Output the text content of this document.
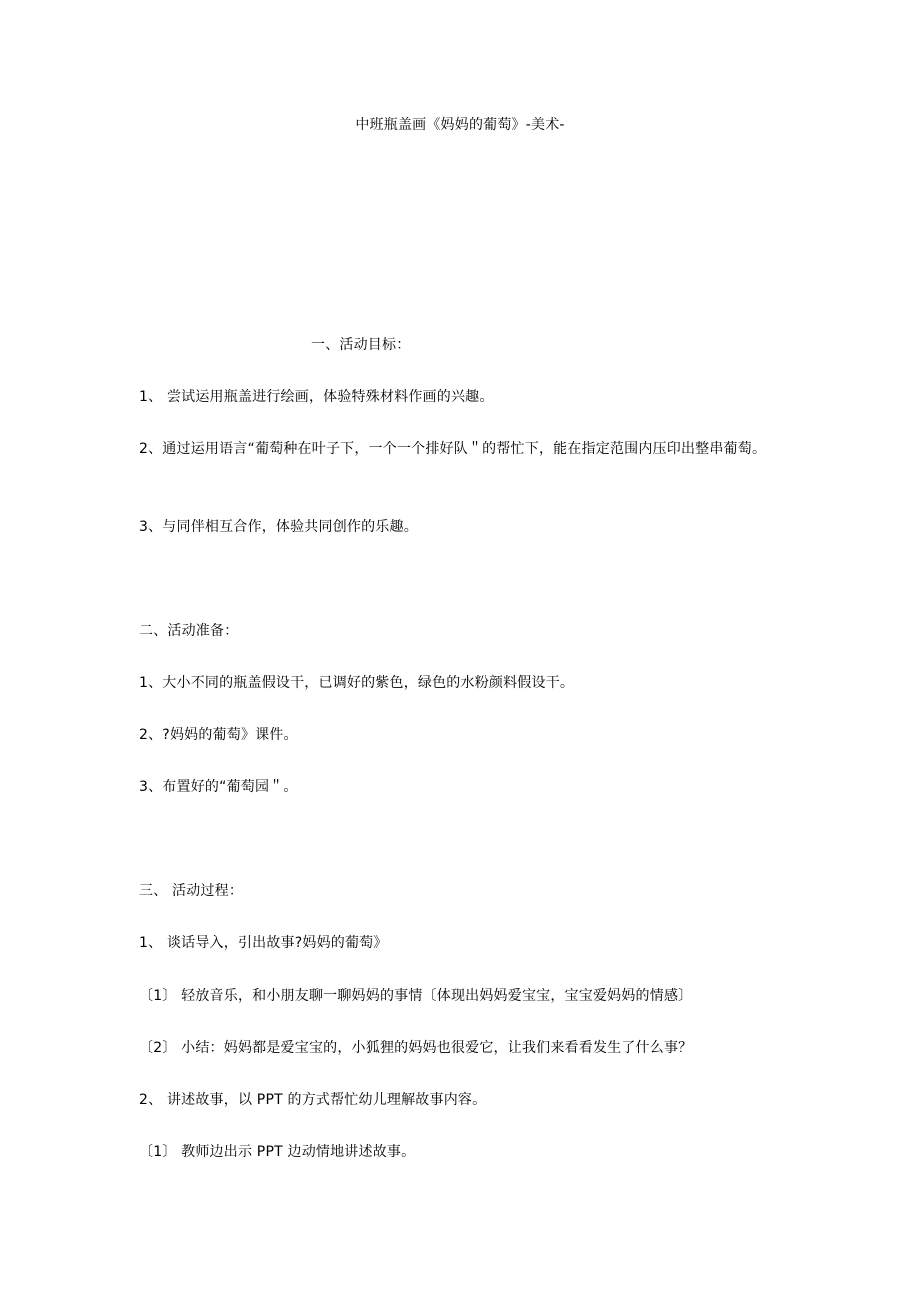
中班瓶盖画《妈妈的葡萄》-美术-
一、活动目标：
1、 尝试运用瓶盖进行绘画，体验特殊材料作画的兴趣。
2、通过运用语言“葡萄种在叶子下，一个一个排好队＂的帮忙下，能在指定范围内压印出整串葡萄。
3、与同伴相互合作，体验共同创作的乐趣。
二、活动准备：
1、大小不同的瓶盖假设干，已调好的紫色，绿色的水粉颜料假设干。
2、?妈妈的葡萄》课件。
3、布置好的“葡萄园＂。
三、 活动过程：
1、 谈话导入，引出故事?妈妈的葡萄》
〔1〕 轻放音乐，和小朋友聊一聊妈妈的事情〔体现出妈妈爱宝宝，宝宝爱妈妈的情感〕
〔2〕 小结：妈妈都是爱宝宝的，小狐狸的妈妈也很爱它，让我们来看看发生了什么事？
2、 讲述故事，以 PPT 的方式帮忙幼儿理解故事内容。
〔1〕 教师边出示 PPT 边动情地讲述故事。
